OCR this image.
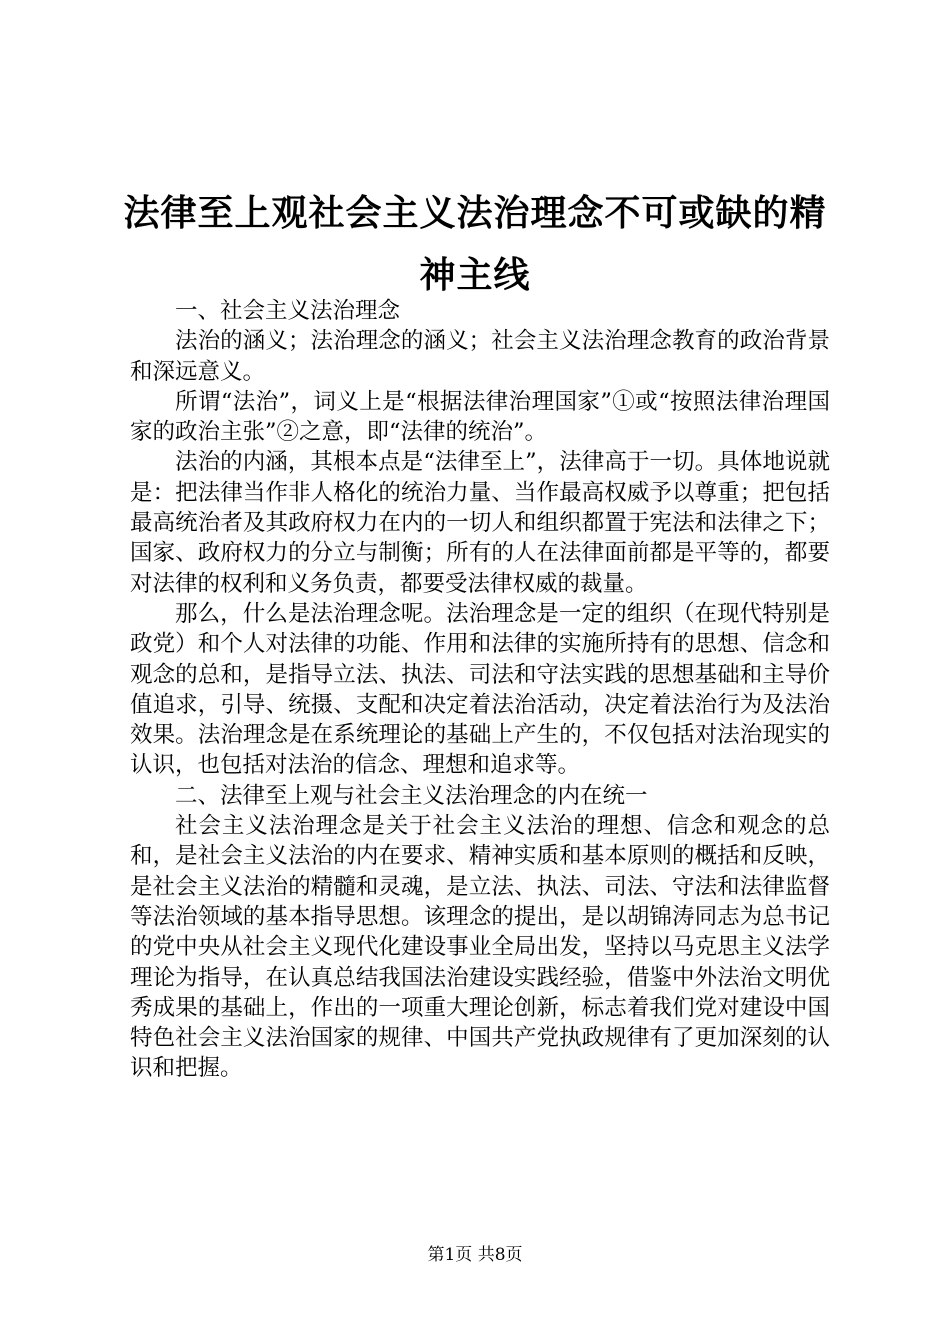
法律至上观社会主义法治理念不可或缺的精神主线

一、社会主义法治理念

法治的涵义；法治理念的涵义；社会主义法治理念教育的政治背景和深远意义。

所谓“法治”，词义上是“根据法律治理国家”①或“按照法律治理国家的政治主张”②之意，即“法律的统治”。

法治的内涵，其根本点是“法律至上”，法律高于一切。具体地说就是：把法律当作非人格化的统治力量、当作最高权威予以尊重；把包括最高统治者及其政府权力在内的一切人和组织都置于宪法和法律之下；国家、政府权力的分立与制衡；所有的人在法律面前都是平等的，都要对法律的权利和义务负责，都要受法律权威的裁量。

那么，什么是法治理念呢。法治理念是一定的组织（在现代特别是政党）和个人对法律的功能、作用和法律的实施所持有的思想、信念和观念的总和，是指导立法、执法、司法和守法实践的思想基础和主导价值追求，引导、统摄、支配和决定着法治活动，决定着法治行为及法治效果。法治理念是在系统理论的基础上产生的，不仅包括对法治现实的认识，也包括对法治的信念、理想和追求等。

二、法律至上观与社会主义法治理念的内在统一

社会主义法治理念是关于社会主义法治的理想、信念和观念的总和，是社会主义法治的内在要求、精神实质和基本原则的概括和反映，是社会主义法治的精髓和灵魂，是立法、执法、司法、守法和法律监督等法治领域的基本指导思想。该理念的提出，是以胡锦涛同志为总书记的党中央从社会主义现代化建设事业全局出发，坚持以马克思主义法学理论为指导，在认真总结我国法治建设实践经验，借鉴中外法治文明优秀成果的基础上，作出的一项重大理论创新，标志着我们党对建设中国特色社会主义法治国家的规律、中国共产党执政规律有了更加深刻的认识和把握。

第1页 共8页
